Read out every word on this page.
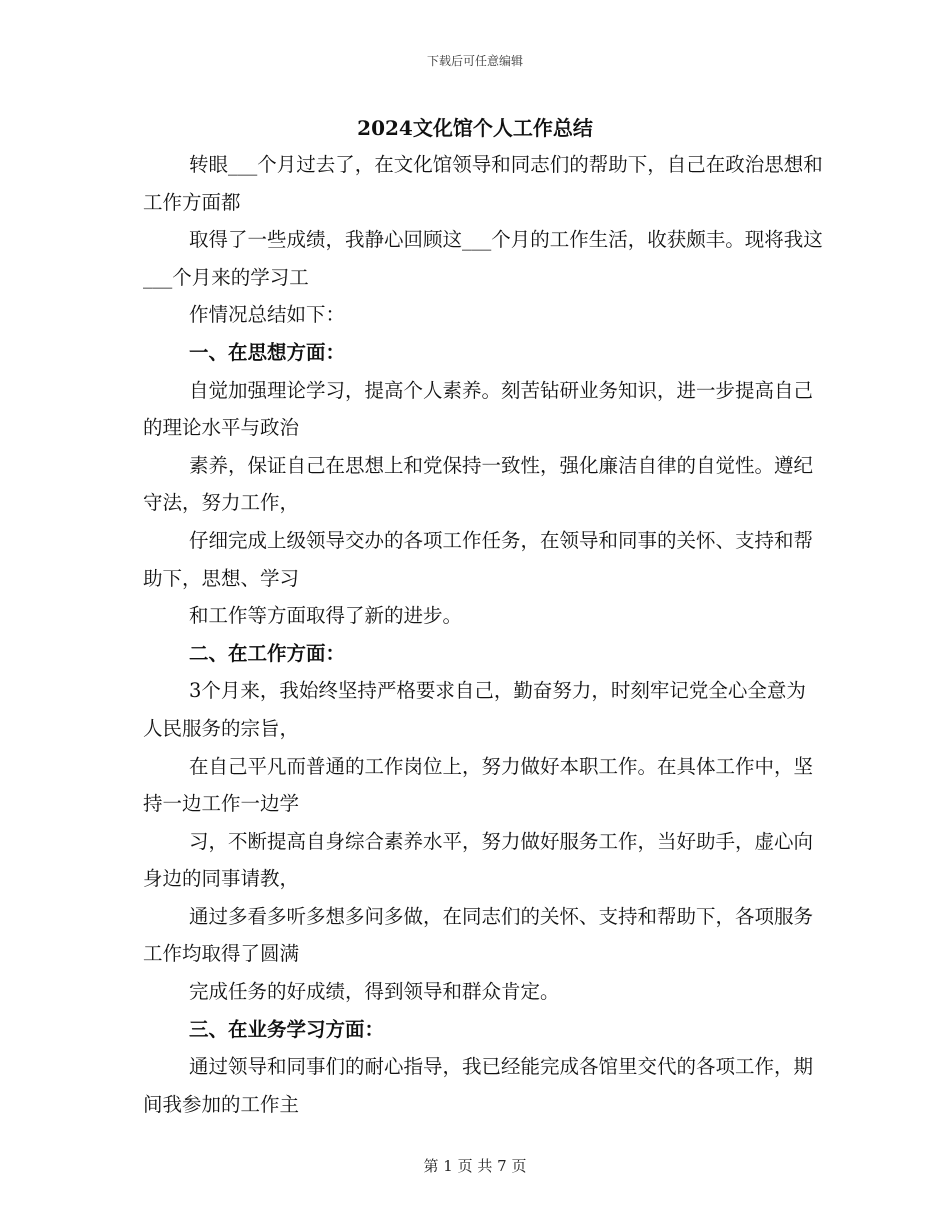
下载后可任意编辑
2024文化馆个人工作总结

转眼___个月过去了，在文化馆领导和同志们的帮助下，自己在政治思想和工作方面都

取得了一些成绩，我静心回顾这___个月的工作生活，收获颇丰。现将我这___个月来的学习工

作情况总结如下：

一、在思想方面：

自觉加强理论学习，提高个人素养。刻苦钻研业务知识，进一步提高自己的理论水平与政治

素养，保证自己在思想上和党保持一致性，强化廉洁自律的自觉性。遵纪守法，努力工作，

仔细完成上级领导交办的各项工作任务，在领导和同事的关怀、支持和帮助下，思想、学习

和工作等方面取得了新的进步。

二、在工作方面：

3个月来，我始终坚持严格要求自己，勤奋努力，时刻牢记党全心全意为人民服务的宗旨，

在自己平凡而普通的工作岗位上，努力做好本职工作。在具体工作中，坚持一边工作一边学

习，不断提高自身综合素养水平，努力做好服务工作，当好助手，虚心向身边的同事请教，

通过多看多听多想多问多做，在同志们的关怀、支持和帮助下，各项服务工作均取得了圆满

完成任务的好成绩，得到领导和群众肯定。

三、在业务学习方面：

通过领导和同事们的耐心指导，我已经能完成各馆里交代的各项工作，期间我参加的工作主

第 1 页 共 7 页
